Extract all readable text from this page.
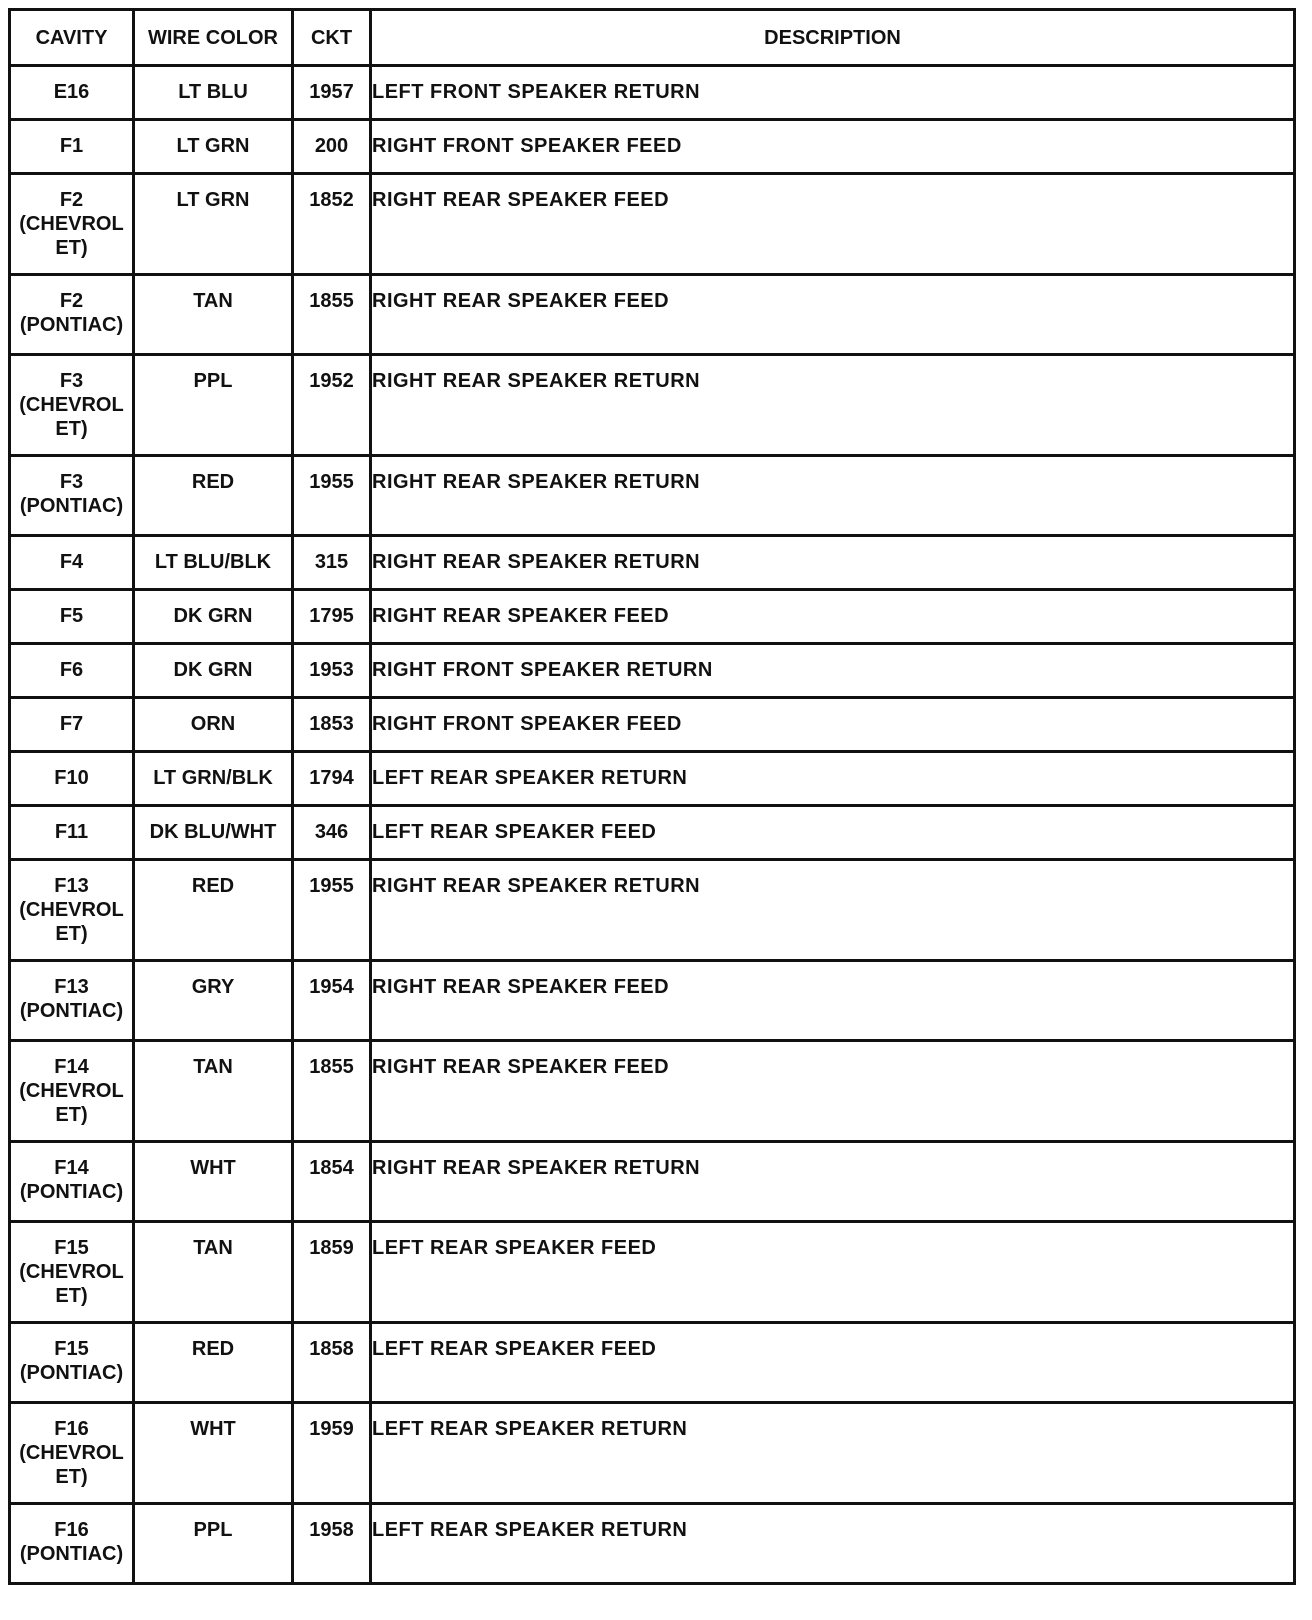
CAVITY	WIRE COLOR	CKT	DESCRIPTION

E16	LT BLU	1957	LEFT FRONT SPEAKER RETURN

F1	LT GRN	200	RIGHT FRONT SPEAKER FEED

F2
(CHEVROL
ET)	LT GRN	1852	RIGHT REAR SPEAKER FEED

F2
(PONTIAC)	TAN	1855	RIGHT REAR SPEAKER FEED

F3
(CHEVROL
ET)	PPL	1952	RIGHT REAR SPEAKER RETURN

F3
(PONTIAC)	RED	1955	RIGHT REAR SPEAKER RETURN

F4	LT BLU/BLK	315	RIGHT REAR SPEAKER RETURN

F5	DK GRN	1795	RIGHT REAR SPEAKER FEED

F6	DK GRN	1953	RIGHT FRONT SPEAKER RETURN

F7	ORN	1853	RIGHT FRONT SPEAKER FEED

F10	LT GRN/BLK	1794	LEFT REAR SPEAKER RETURN

F11	DK BLU/WHT	346	LEFT REAR SPEAKER FEED

F13
(CHEVROL
ET)	RED	1955	RIGHT REAR SPEAKER RETURN

F13
(PONTIAC)	GRY	1954	RIGHT REAR SPEAKER FEED

F14
(CHEVROL
ET)	TAN	1855	RIGHT REAR SPEAKER FEED

F14
(PONTIAC)	WHT	1854	RIGHT REAR SPEAKER RETURN

F15
(CHEVROL
ET)	TAN	1859	LEFT REAR SPEAKER FEED

F15
(PONTIAC)	RED	1858	LEFT REAR SPEAKER FEED

F16
(CHEVROL
ET)	WHT	1959	LEFT REAR SPEAKER RETURN

F16
(PONTIAC)	PPL	1958	LEFT REAR SPEAKER RETURN
